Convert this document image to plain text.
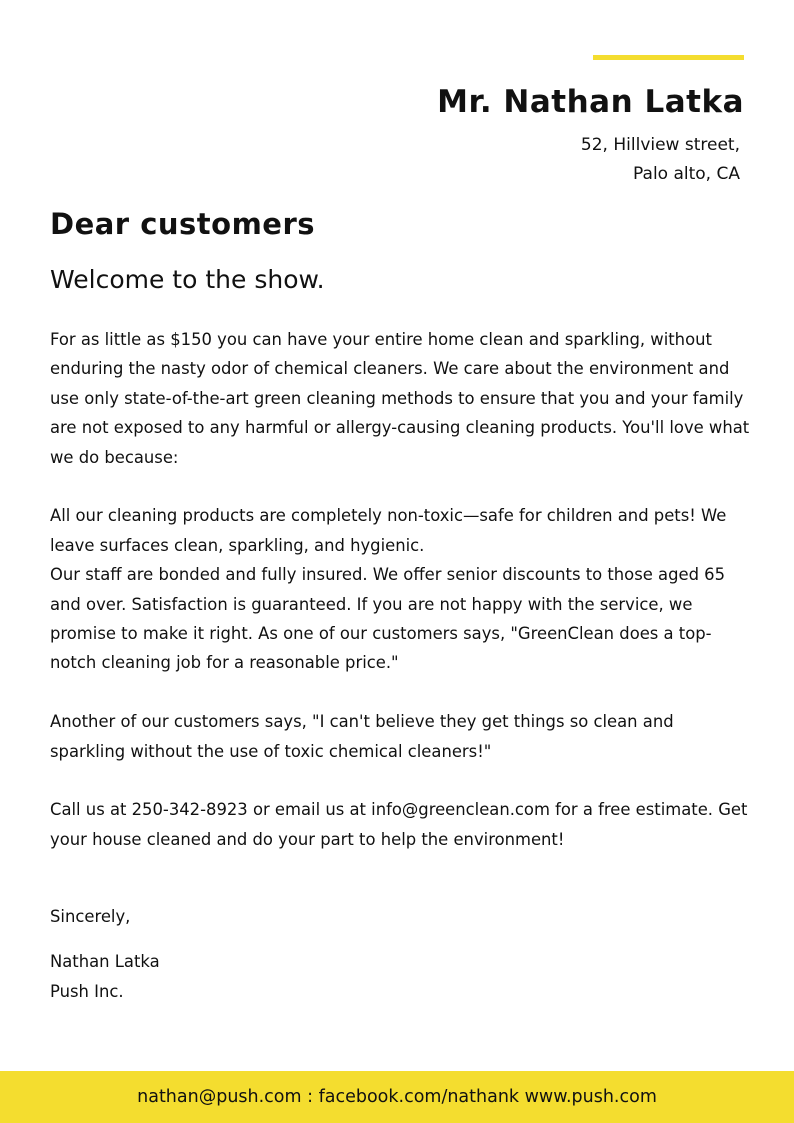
Mr. Nathan Latka
52, Hillview street,
Palo alto, CA
Dear customers
Welcome to the show.

For as little as $150 you can have your entire home clean and sparkling, without enduring the nasty odor of chemical cleaners. We care about the environment and use only state-of-the-art green cleaning methods to ensure that you and your family are not exposed to any harmful or allergy-causing cleaning products. You'll love what we do because:

All our cleaning products are completely non-toxic—safe for children and pets! We leave surfaces clean, sparkling, and hygienic.

Our staff are bonded and fully insured. We offer senior discounts to those aged 65 and over. Satisfaction is guaranteed. If you are not happy with the service, we promise to make it right. As one of our customers says, "GreenClean does a top-notch cleaning job for a reasonable price."

Another of our customers says, "I can't believe they get things so clean and sparkling without the use of toxic chemical cleaners!"

Call us at 250-342-8923 or email us at info@greenclean.com for a free estimate. Get your house cleaned and do your part to help the environment!

Sincerely,
Nathan Latka
Push Inc.
nathan@push.com : facebook.com/nathank www.push.com
